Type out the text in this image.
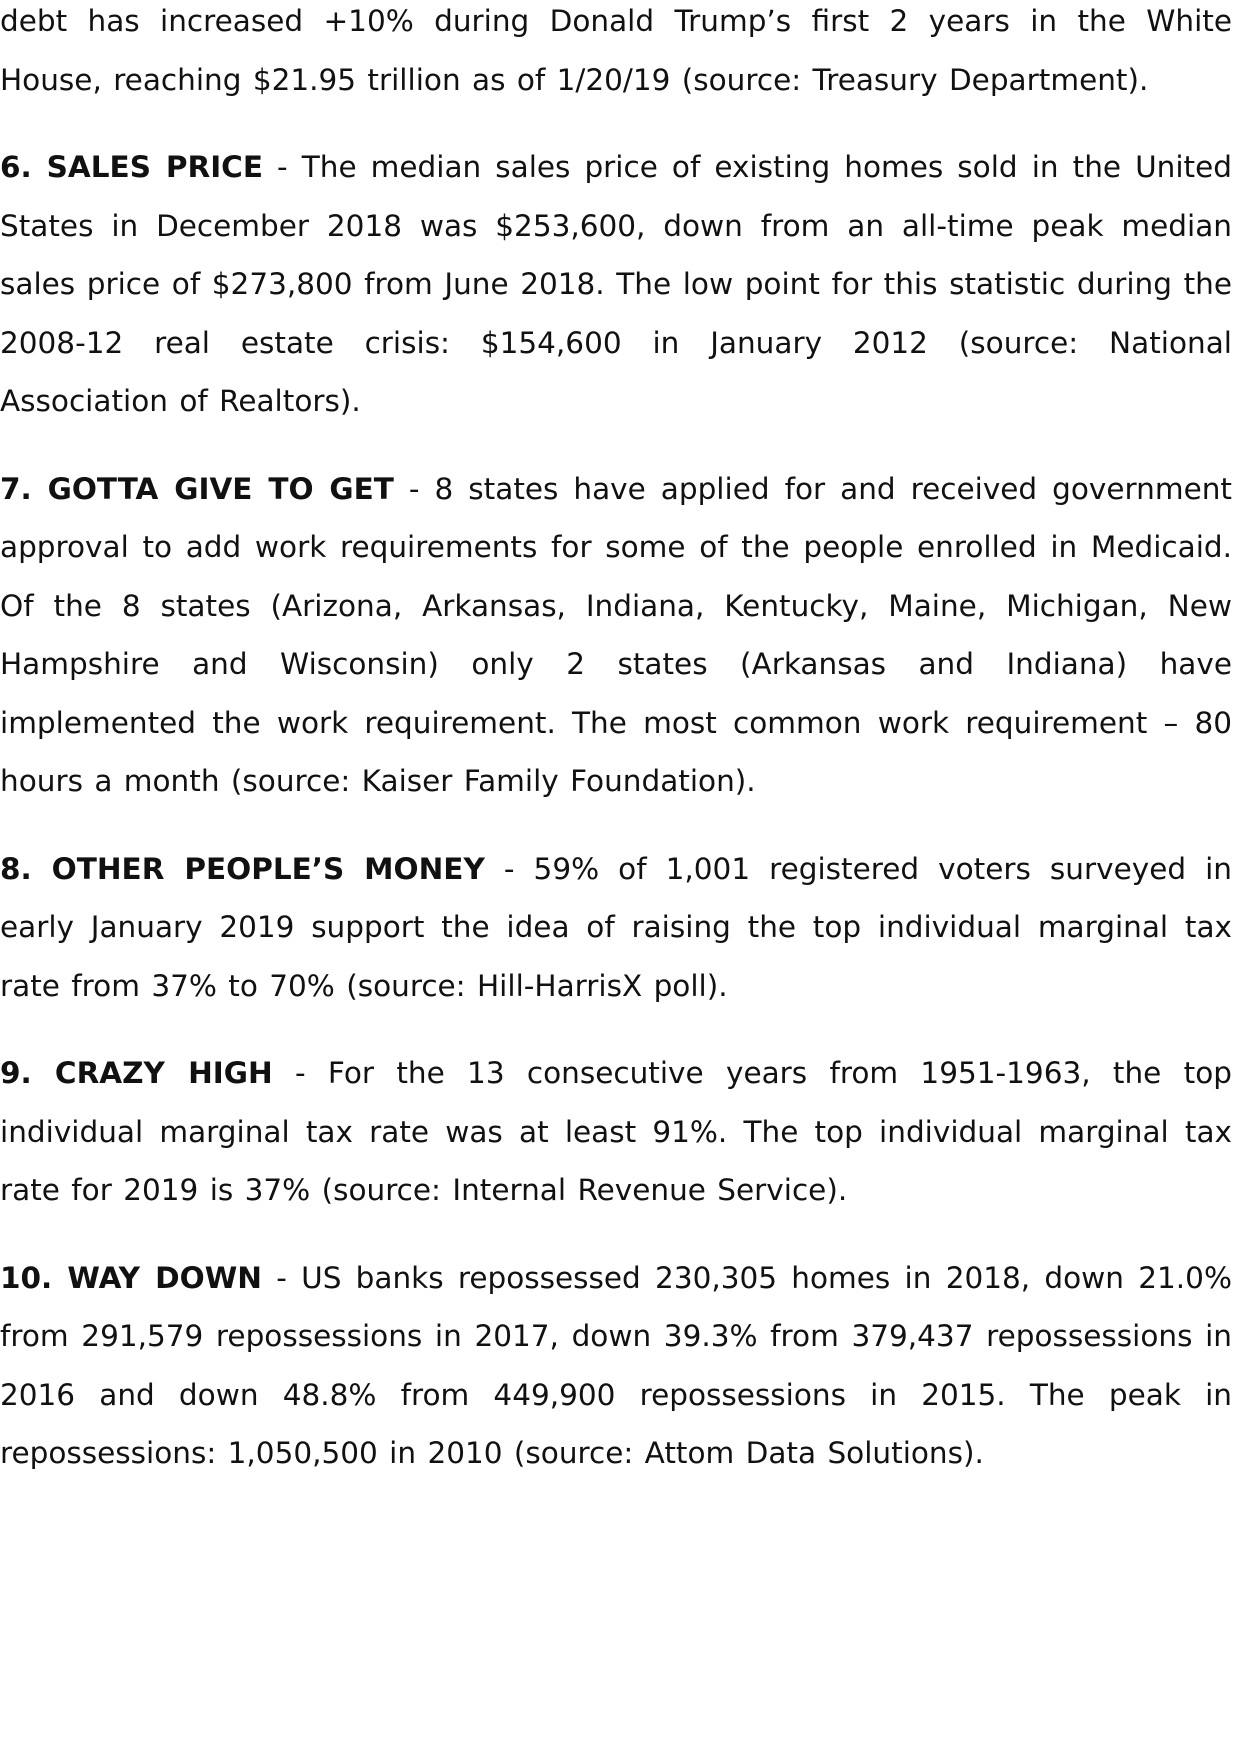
debt has increased +10% during Donald Trump’s first 2 years in the White House, reaching $21.95 trillion as of 1/20/19 (source: Treasury Department).

6. SALES PRICE - The median sales price of existing homes sold in the United States in December 2018 was $253,600, down from an all-time peak median sales price of $273,800 from June 2018. The low point for this statistic during the 2008-12 real estate crisis: $154,600 in January 2012 (source: National Association of Realtors).

7. GOTTA GIVE TO GET - 8 states have applied for and received government approval to add work requirements for some of the people enrolled in Medicaid. Of the 8 states (Arizona, Arkansas, Indiana, Kentucky, Maine, Michigan, New Hampshire and Wisconsin) only 2 states (Arkansas and Indiana) have implemented the work requirement. The most common work requirement – 80 hours a month (source: Kaiser Family Foundation).

8. OTHER PEOPLE’S MONEY - 59% of 1,001 registered voters surveyed in early January 2019 support the idea of raising the top individual marginal tax rate from 37% to 70% (source: Hill-HarrisX poll).

9. CRAZY HIGH - For the 13 consecutive years from 1951-1963, the top individual marginal tax rate was at least 91%. The top individual marginal tax rate for 2019 is 37% (source: Internal Revenue Service).

10. WAY DOWN - US banks repossessed 230,305 homes in 2018, down 21.0% from 291,579 repossessions in 2017, down 39.3% from 379,437 repossessions in 2016 and down 48.8% from 449,900 repossessions in 2015. The peak in repossessions: 1,050,500 in 2010 (source: Attom Data Solutions).
